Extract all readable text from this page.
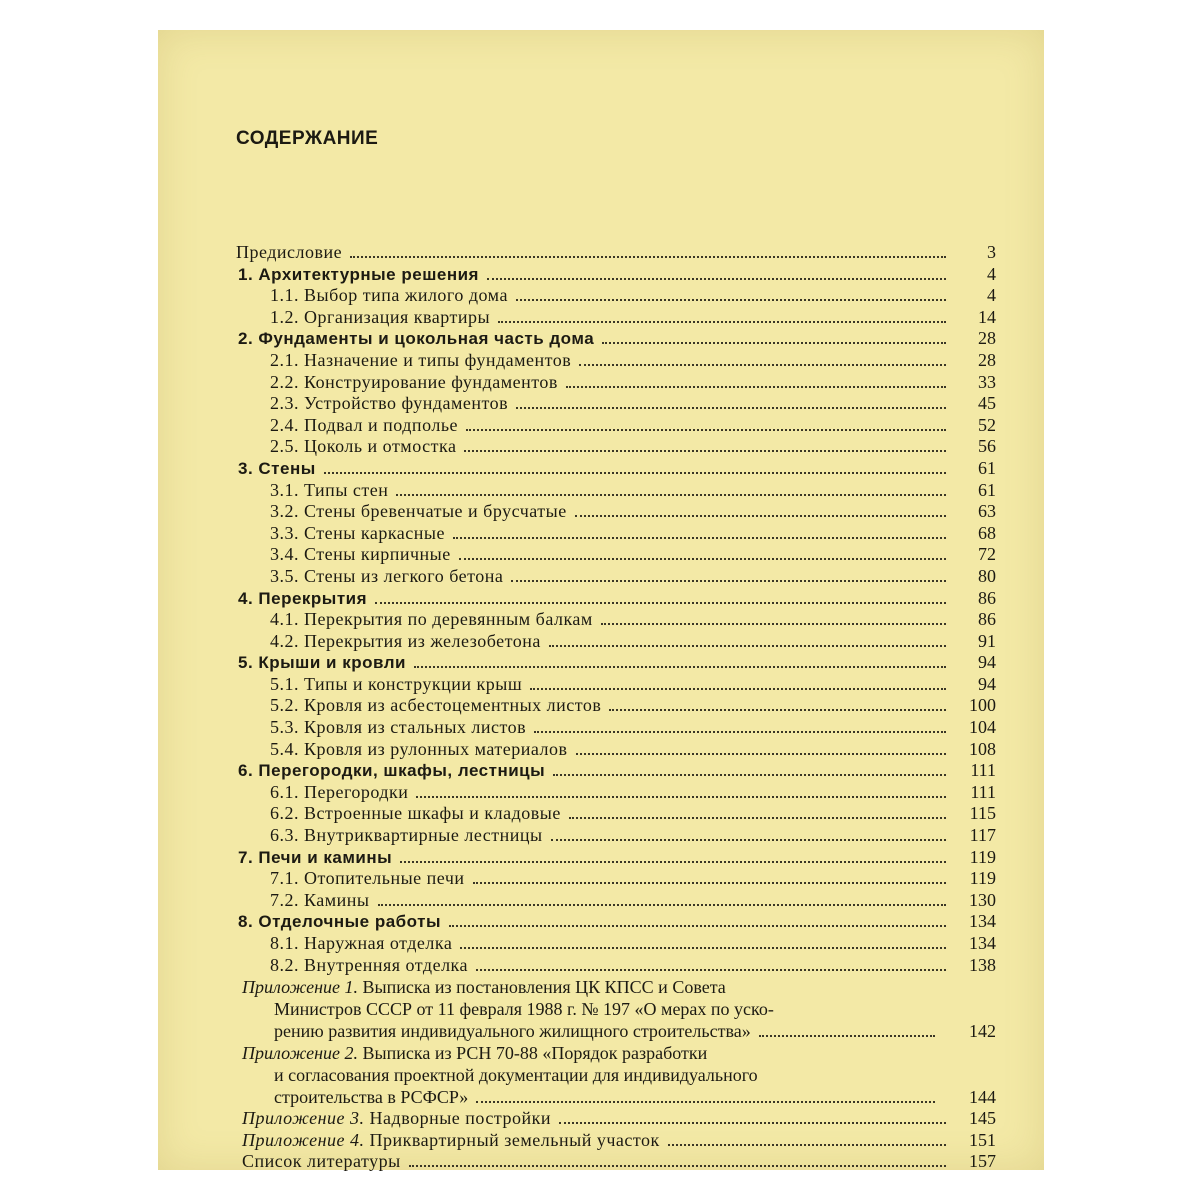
СОДЕРЖАНИЕ
Предисловие	3
1. Архитектурные решения	4
1.1. Выбор типа жилого дома	4
1.2. Организация квартиры	14
2. Фундаменты и цокольная часть дома	28
2.1. Назначение и типы фундаментов	28
2.2. Конструирование фундаментов	33
2.3. Устройство фундаментов	45
2.4. Подвал и подполье	52
2.5. Цоколь и отмостка	56
3. Стены	61
3.1. Типы стен	61
3.2. Стены бревенчатые и брусчатые	63
3.3. Стены каркасные	68
3.4. Стены кирпичные	72
3.5. Стены из легкого бетона	80
4. Перекрытия	86
4.1. Перекрытия по деревянным балкам	86
4.2. Перекрытия из железобетона	91
5. Крыши и кровли	94
5.1. Типы и конструкции крыш	94
5.2. Кровля из асбестоцементных листов	100
5.3. Кровля из стальных листов	104
5.4. Кровля из рулонных материалов	108
6. Перегородки, шкафы, лестницы	111
6.1. Перегородки	111
6.2. Встроенные шкафы и кладовые	115
6.3. Внутриквартирные лестницы	117
7. Печи и камины	119
7.1. Отопительные печи	119
7.2. Камины	130
8. Отделочные работы	134
8.1. Наружная отделка	134
8.2. Внутренняя отделка	138
Приложение 1. Выписка из постановления ЦК КПСС и Совета
Министров СССР от 11 февраля 1988 г. № 197 «О мерах по уско-
рению развития индивидуального жилищного строительства»	142
Приложение 2. Выписка из РСН 70-88 «Порядок разработки
и согласования проектной документации для индивидуального
строительства в РСФСР»	144
Приложение 3. Надворные постройки	145
Приложение 4. Приквартирный земельный участок	151
Список литературы	157
